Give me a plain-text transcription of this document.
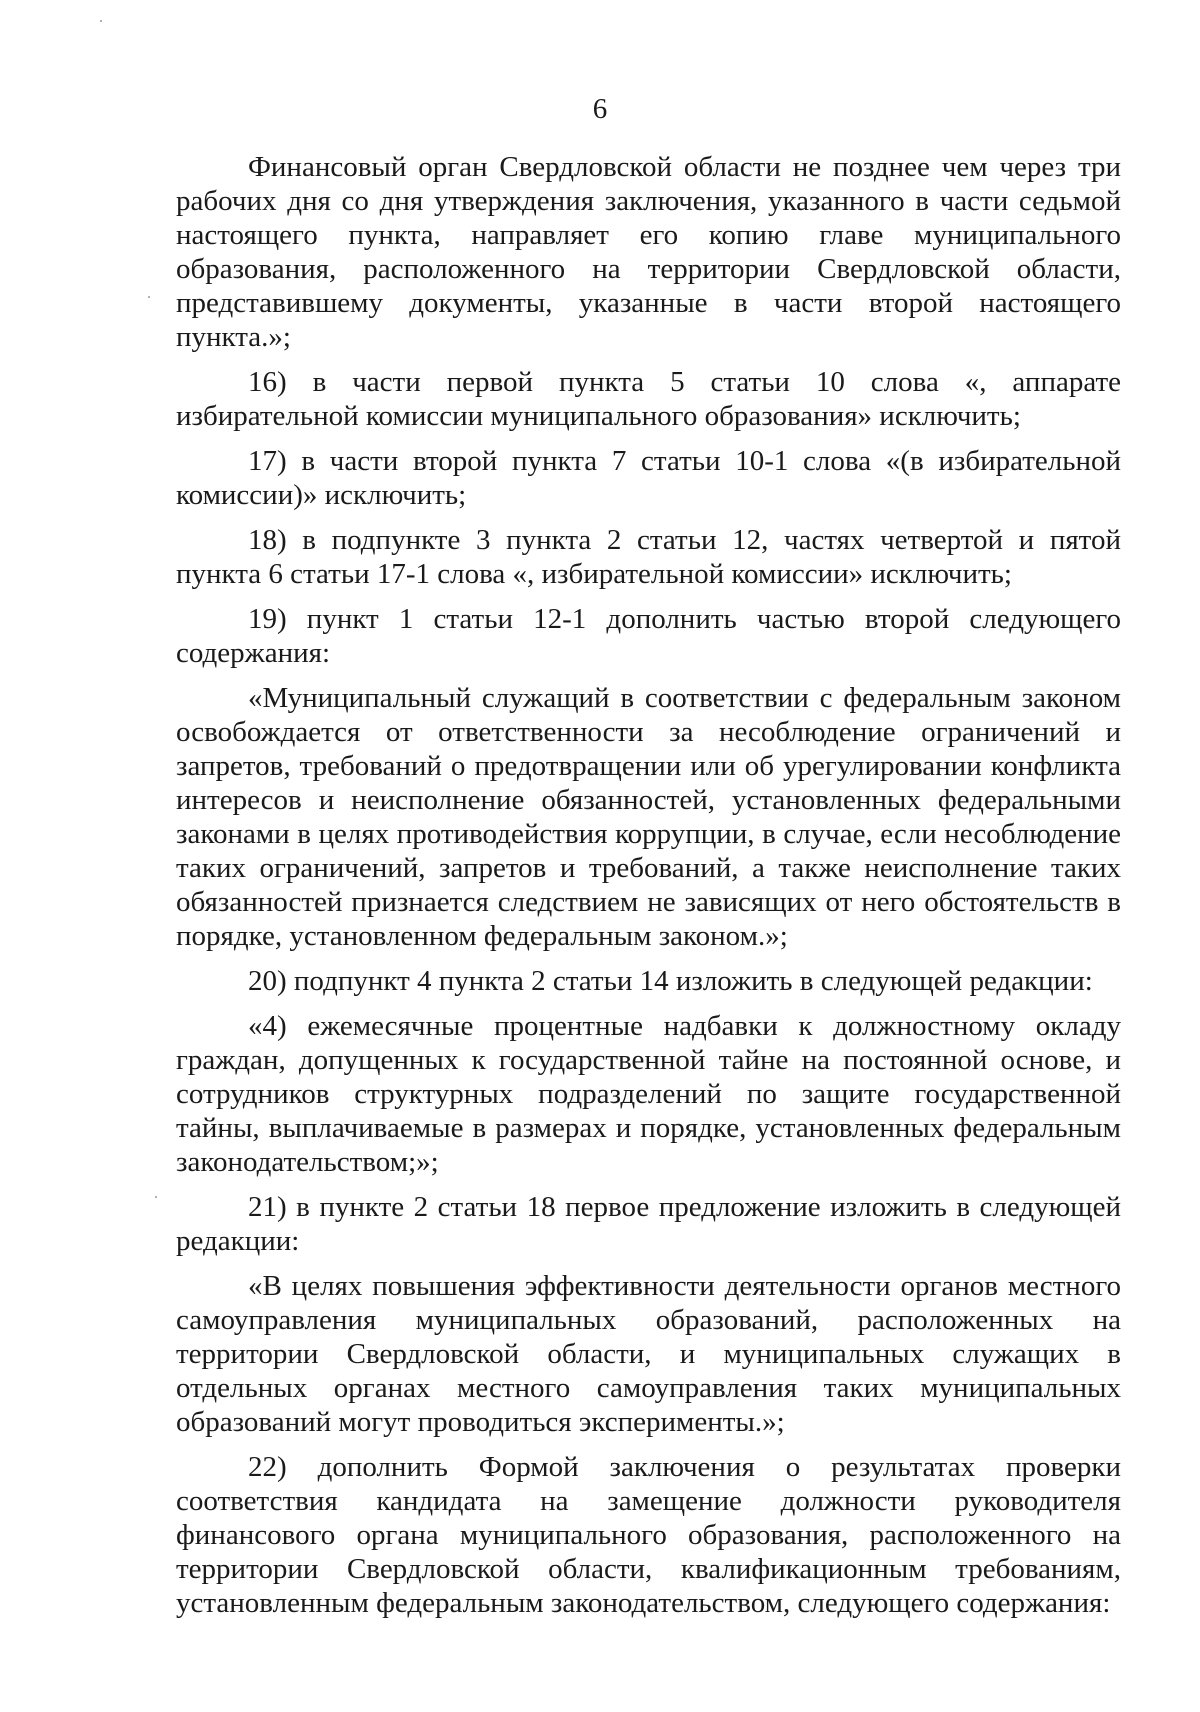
6

Финансовый орган Свердловской области не позднее чем через три рабочих дня со дня утверждения заключения, указанного в части седьмой настоящего пункта, направляет его копию главе муниципального образования, расположенного на территории Свердловской области, представившему документы, указанные в части второй настоящего пункта.»;

16) в части первой пункта 5 статьи 10 слова «, аппарате избирательной комиссии муниципального образования» исключить;

17) в части второй пункта 7 статьи 10-1 слова «(в избирательной комиссии)» исключить;

18) в подпункте 3 пункта 2 статьи 12, частях четвертой и пятой пункта 6 статьи 17-1 слова «, избирательной комиссии» исключить;

19) пункт 1 статьи 12-1 дополнить частью второй следующего содержания:

«Муниципальный служащий в соответствии с федеральным законом освобождается от ответственности за несоблюдение ограничений и запретов, требований о предотвращении или об урегулировании конфликта интересов и неисполнение обязанностей, установленных федеральными законами в целях противодействия коррупции, в случае, если несоблюдение таких ограничений, запретов и требований, а также неисполнение таких обязанностей признается следствием не зависящих от него обстоятельств в порядке, установленном федеральным законом.»;

20) подпункт 4 пункта 2 статьи 14 изложить в следующей редакции:

«4) ежемесячные процентные надбавки к должностному окладу граждан, допущенных к государственной тайне на постоянной основе, и сотрудников структурных подразделений по защите государственной тайны, выплачиваемые в размерах и порядке, установленных федеральным законодательством;»;

21) в пункте 2 статьи 18 первое предложение изложить в следующей редакции:

«В целях повышения эффективности деятельности органов местного самоуправления муниципальных образований, расположенных на территории Свердловской области, и муниципальных служащих в отдельных органах местного самоуправления таких муниципальных образований могут проводиться эксперименты.»;

22) дополнить Формой заключения о результатах проверки соответствия кандидата на замещение должности руководителя финансового органа муниципального образования, расположенного на территории Свердловской области, квалификационным требованиям, установленным федеральным законодательством, следующего содержания:
